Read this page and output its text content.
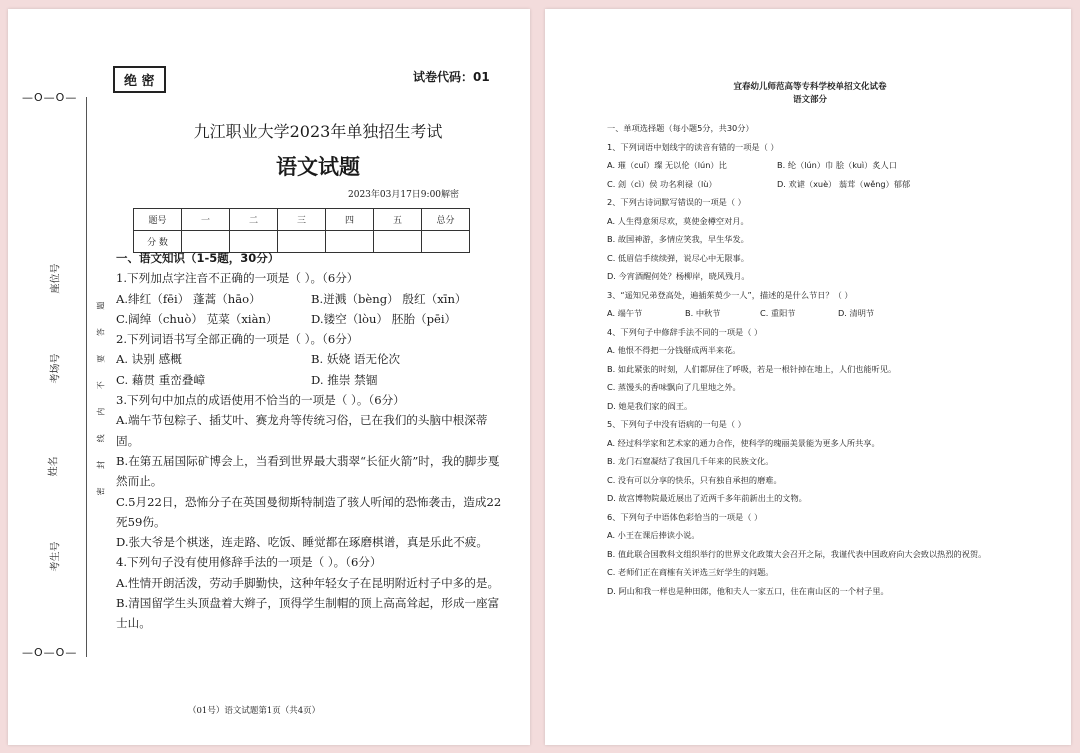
—O—O—
—O—O—
座位号
考场号
姓名
考生号
密 封 线 内 不 要 答 题
绝 密	试卷代码：01
九江职业大学2023年单独招生考试
语文试题
2023年03月17日9:00解密
题号	一	二	三	四	五	总分
分 数						
一、语文知识（1-5题，30分）
1.下列加点字注音不正确的一项是（ ）。（6分）
A.绯红（fēi） 蓬蒿（hāo）	B.迸溅（bèng） 殷红（xīn）
C.阔绰（chuò） 苋菜（xiàn）	D.镂空（lòu） 胚胎（pēi）
2.下列词语书写全部正确的一项是（ ）。（6分）
A. 诀别 感概	B. 妖娆 语无伦次
C. 藉贯 重峦叠嶂	D. 推崇 禁锢
3.下列句中加点的成语使用不恰当的一项是（ ）。（6分）
A.端午节包粽子、插艾叶、赛龙舟等传统习俗，已在我们的头脑中根深蒂固。
B.在第五届国际矿博会上，当看到世界最大翡翠“长征火箭”时，我的脚步戛然而止。
C.5月22日，恐怖分子在英国曼彻斯特制造了骇人听闻的恐怖袭击，造成22死59伤。
D.张大爷是个棋迷，连走路、吃饭、睡觉都在琢磨棋谱，真是乐此不疲。
4.下列句子没有使用修辞手法的一项是（ ）。（6分）
A.性情开朗活泼，劳动手脚勤快，这种年轻女子在昆明附近村子中多的是。
B.清国留学生头顶盘着大辫子，顶得学生制帽的顶上高高耸起，形成一座富士山。
（01号）语文试题第1页（共4页）
宜春幼儿师范高等专科学校单招文化试卷
语文部分
一、单项选择题（每小题5分，共30分）
1、下列词语中划线字的读音有错的一项是（ ）
A. 璀（cuǐ）璨 无以伦（lún）比	B. 纶（lún）巾 脍（kuì）炙人口
C. 刽（cì）侯 功名利禄（lù）	D. 欢谑（xuè） 蓊茸（wěng）郁郁
2、下列古诗词默写错误的一项是（ ）
A. 人生得意须尽欢，莫使金樽空对月。
B. 故国神游，多情应笑我，早生华发。
C. 低眉信手续续弹，说尽心中无限事。
D. 今宵酒醒何处？杨柳岸，晓风残月。
3、“遥知兄弟登高处，遍插茱萸少一人”，描述的是什么节日？（ ）
A. 端午节	B. 中秋节	C. 重阳节	D. 清明节
4、下列句子中修辞手法不同的一项是（ ）
A. 他恨不得把一分钱掰成两半来花。
B. 如此紧张的时刻，人们都屏住了呼吸，若是一根针掉在地上，人们也能听见。
C. 蒸馒头的香味飘向了几里地之外。
D. 她是我们家的阎王。
5、下列句子中没有语病的一句是（ ）
A. 经过科学家和艺术家的通力合作，使科学的瑰丽美景能为更多人所共享。
B. 龙门石窟凝结了我国几千年来的民族文化。
C. 没有可以分享的快乐，只有独自承担的磨难。
D. 故宫博物院最近展出了近两千多年前新出土的文物。
6、下列句子中语体色彩恰当的一项是（ ）
A. 小王在课后捧读小说。
B. 值此联合国教科文组织举行的世界文化政策大会召开之际，我谨代表中国政府向大会致以热烈的祝贺。
C. 老师们正在商榷有关评选三好学生的问题。
D. 阿山和我一样也是种田郎，他和夫人一家五口，住在南山区的一个村子里。
